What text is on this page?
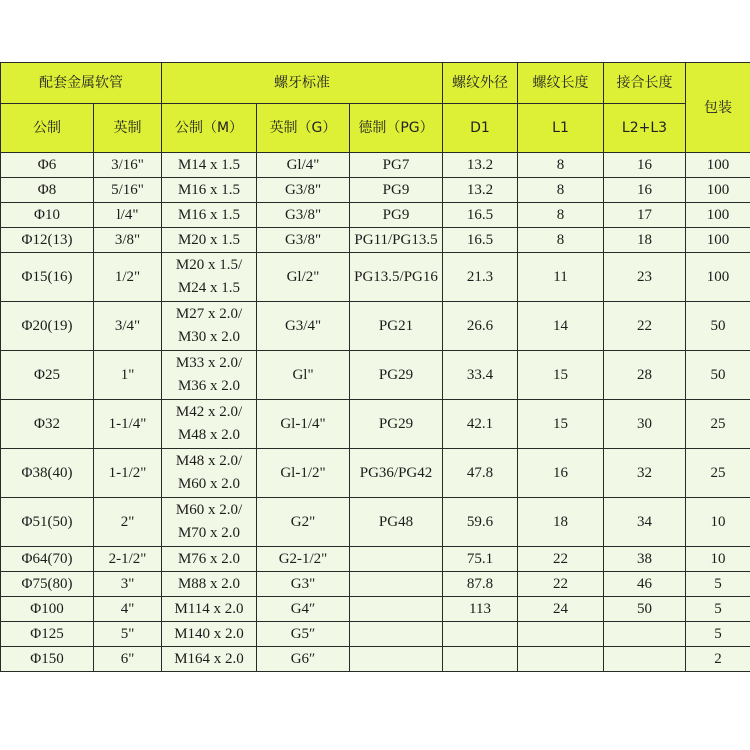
配套金属软管		螺牙标准			螺纹外径	螺纹长度	接合长度	包装
公制	英制	公制（M）	英制（G）	德制（PG）	D1	L1	L2+L3	
Φ6	3/16"	M14 x 1.5	Gl/4"	PG7	13.2	8	16	100
Φ8	5/16"	M16 x 1.5	G3/8"	PG9	13.2	8	16	100
Φ10	l/4"	M16 x 1.5	G3/8"	PG9	16.5	8	17	100
Φ12(13)	3/8"	M20 x 1.5	G3/8"	PG11/PG13.5	16.5	8	18	100
Φ15(16)	1/2"	M20 x 1.5/
M24 x 1.5	Gl/2"	PG13.5/PG16	21.3	11	23	100
Φ20(19)	3/4"	M27 x 2.0/
M30 x 2.0	G3/4"	PG21	26.6	14	22	50
Φ25	1"	M33 x 2.0/
M36 x 2.0	Gl"	PG29	33.4	15	28	50
Φ32	1-1/4"	M42 x 2.0/
M48 x 2.0	Gl-1/4"	PG29	42.1	15	30	25
Φ38(40)	1-1/2"	M48 x 2.0/
M60 x 2.0	Gl-1/2"	PG36/PG42	47.8	16	32	25
Φ51(50)	2"	M60 x 2.0/
M70 x 2.0	G2"	PG48	59.6	18	34	10
Φ64(70)	2-1/2"	M76 x 2.0	G2-1/2"		75.1	22	38	10
Φ75(80)	3"	M88 x 2.0	G3"		87.8	22	46	5
Φ100	4"	M114 x 2.0	G4″		113	24	50	5
Φ125	5"	M140 x 2.0	G5″					5
Φ150	6"	M164 x 2.0	G6″					2
